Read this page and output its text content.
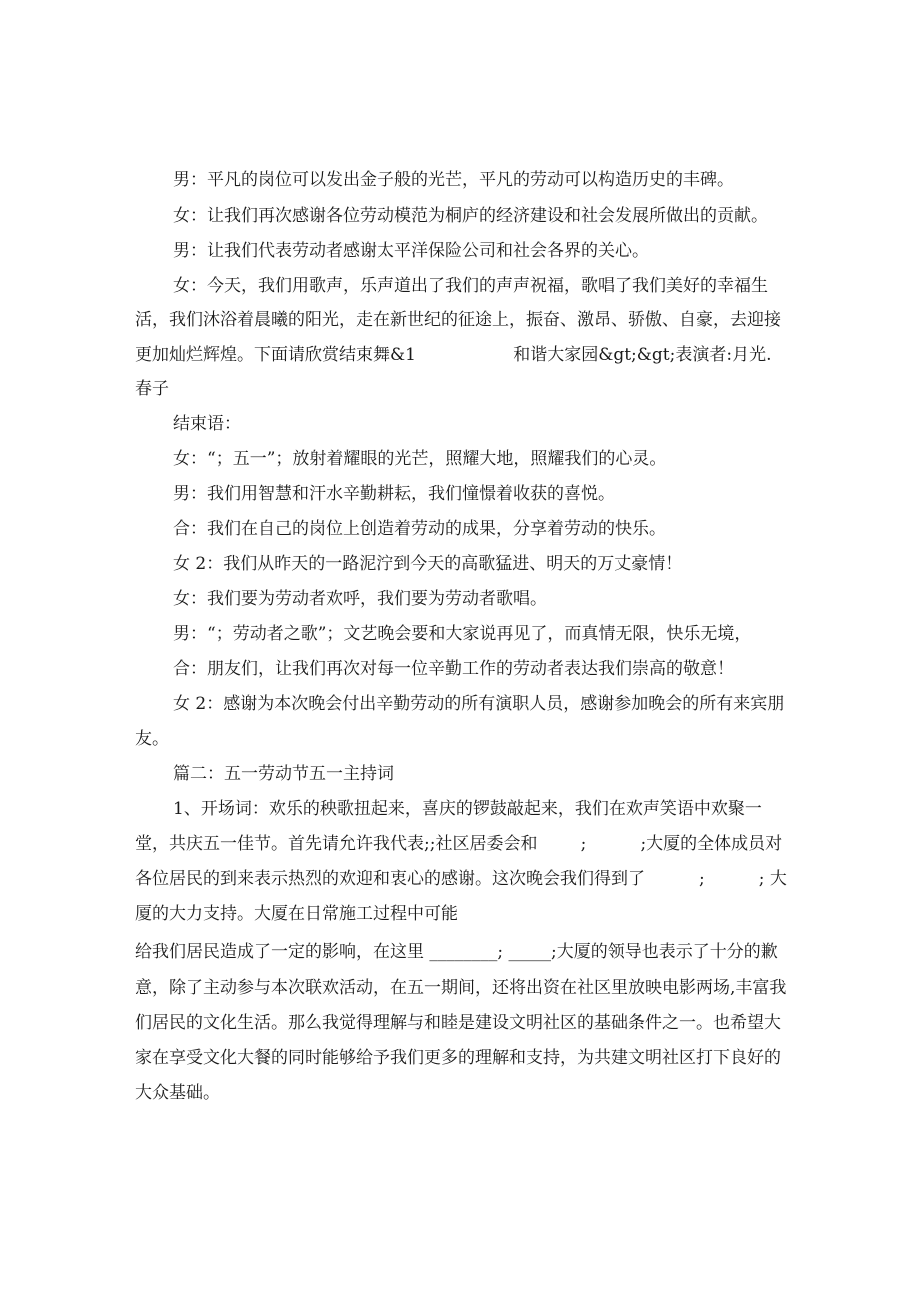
男：平凡的岗位可以发出金子般的光芒，平凡的劳动可以构造历史的丰碑。

女：让我们再次感谢各位劳动模范为桐庐的经济建设和社会发展所做出的贡献。

男：让我们代表劳动者感谢太平洋保险公司和社会各界的关心。

女：今天，我们用歌声，乐声道出了我们的声声祝福，歌唱了我们美好的幸福生

活，我们沐浴着晨曦的阳光，走在新世纪的征途上，振奋、激昂、骄傲、自豪，去迎接

更加灿烂辉煌。下面请欣赏结束舞&1                  和谐大家园&gt;&gt;表演者:月光.

春子

结束语：

女：“；五一”；放射着耀眼的光芒，照耀大地，照耀我们的心灵。

男：我们用智慧和汗水辛勤耕耘，我们憧憬着收获的喜悦。

合：我们在自己的岗位上创造着劳动的成果，分享着劳动的快乐。

女 2：我们从昨天的一路泥泞到今天的高歌猛进、明天的万丈豪情！

女：我们要为劳动者欢呼，我们要为劳动者歌唱。

男：“；劳动者之歌”；文艺晚会要和大家说再见了，而真情无限，快乐无境，

合：朋友们，让我们再次对每一位辛勤工作的劳动者表达我们崇高的敬意！

女 2：感谢为本次晚会付出辛勤劳动的所有演职人员，感谢参加晚会的所有来宾朋

友。

篇二：五一劳动节五一主持词

1、开场词：欢乐的秧歌扭起来，喜庆的锣鼓敲起来，我们在欢声笑语中欢聚一

堂，共庆五一佳节。首先请允许我代表;;社区居委会和        ;          ;大厦的全体成员对

各位居民的到来表示热烈的欢迎和衷心的感谢。这次晚会我们得到了          ;          ; 大

厦的大力支持。大厦在日常施工过程中可能

给我们居民造成了一定的影响，在这里 ________; _____;大厦的领导也表示了十分的歉

意，除了主动参与本次联欢活动，在五一期间，还将出资在社区里放映电影两场,丰富我

们居民的文化生活。那么我觉得理解与和睦是建设文明社区的基础条件之一。也希望大

家在享受文化大餐的同时能够给予我们更多的理解和支持，为共建文明社区打下良好的

大众基础。
